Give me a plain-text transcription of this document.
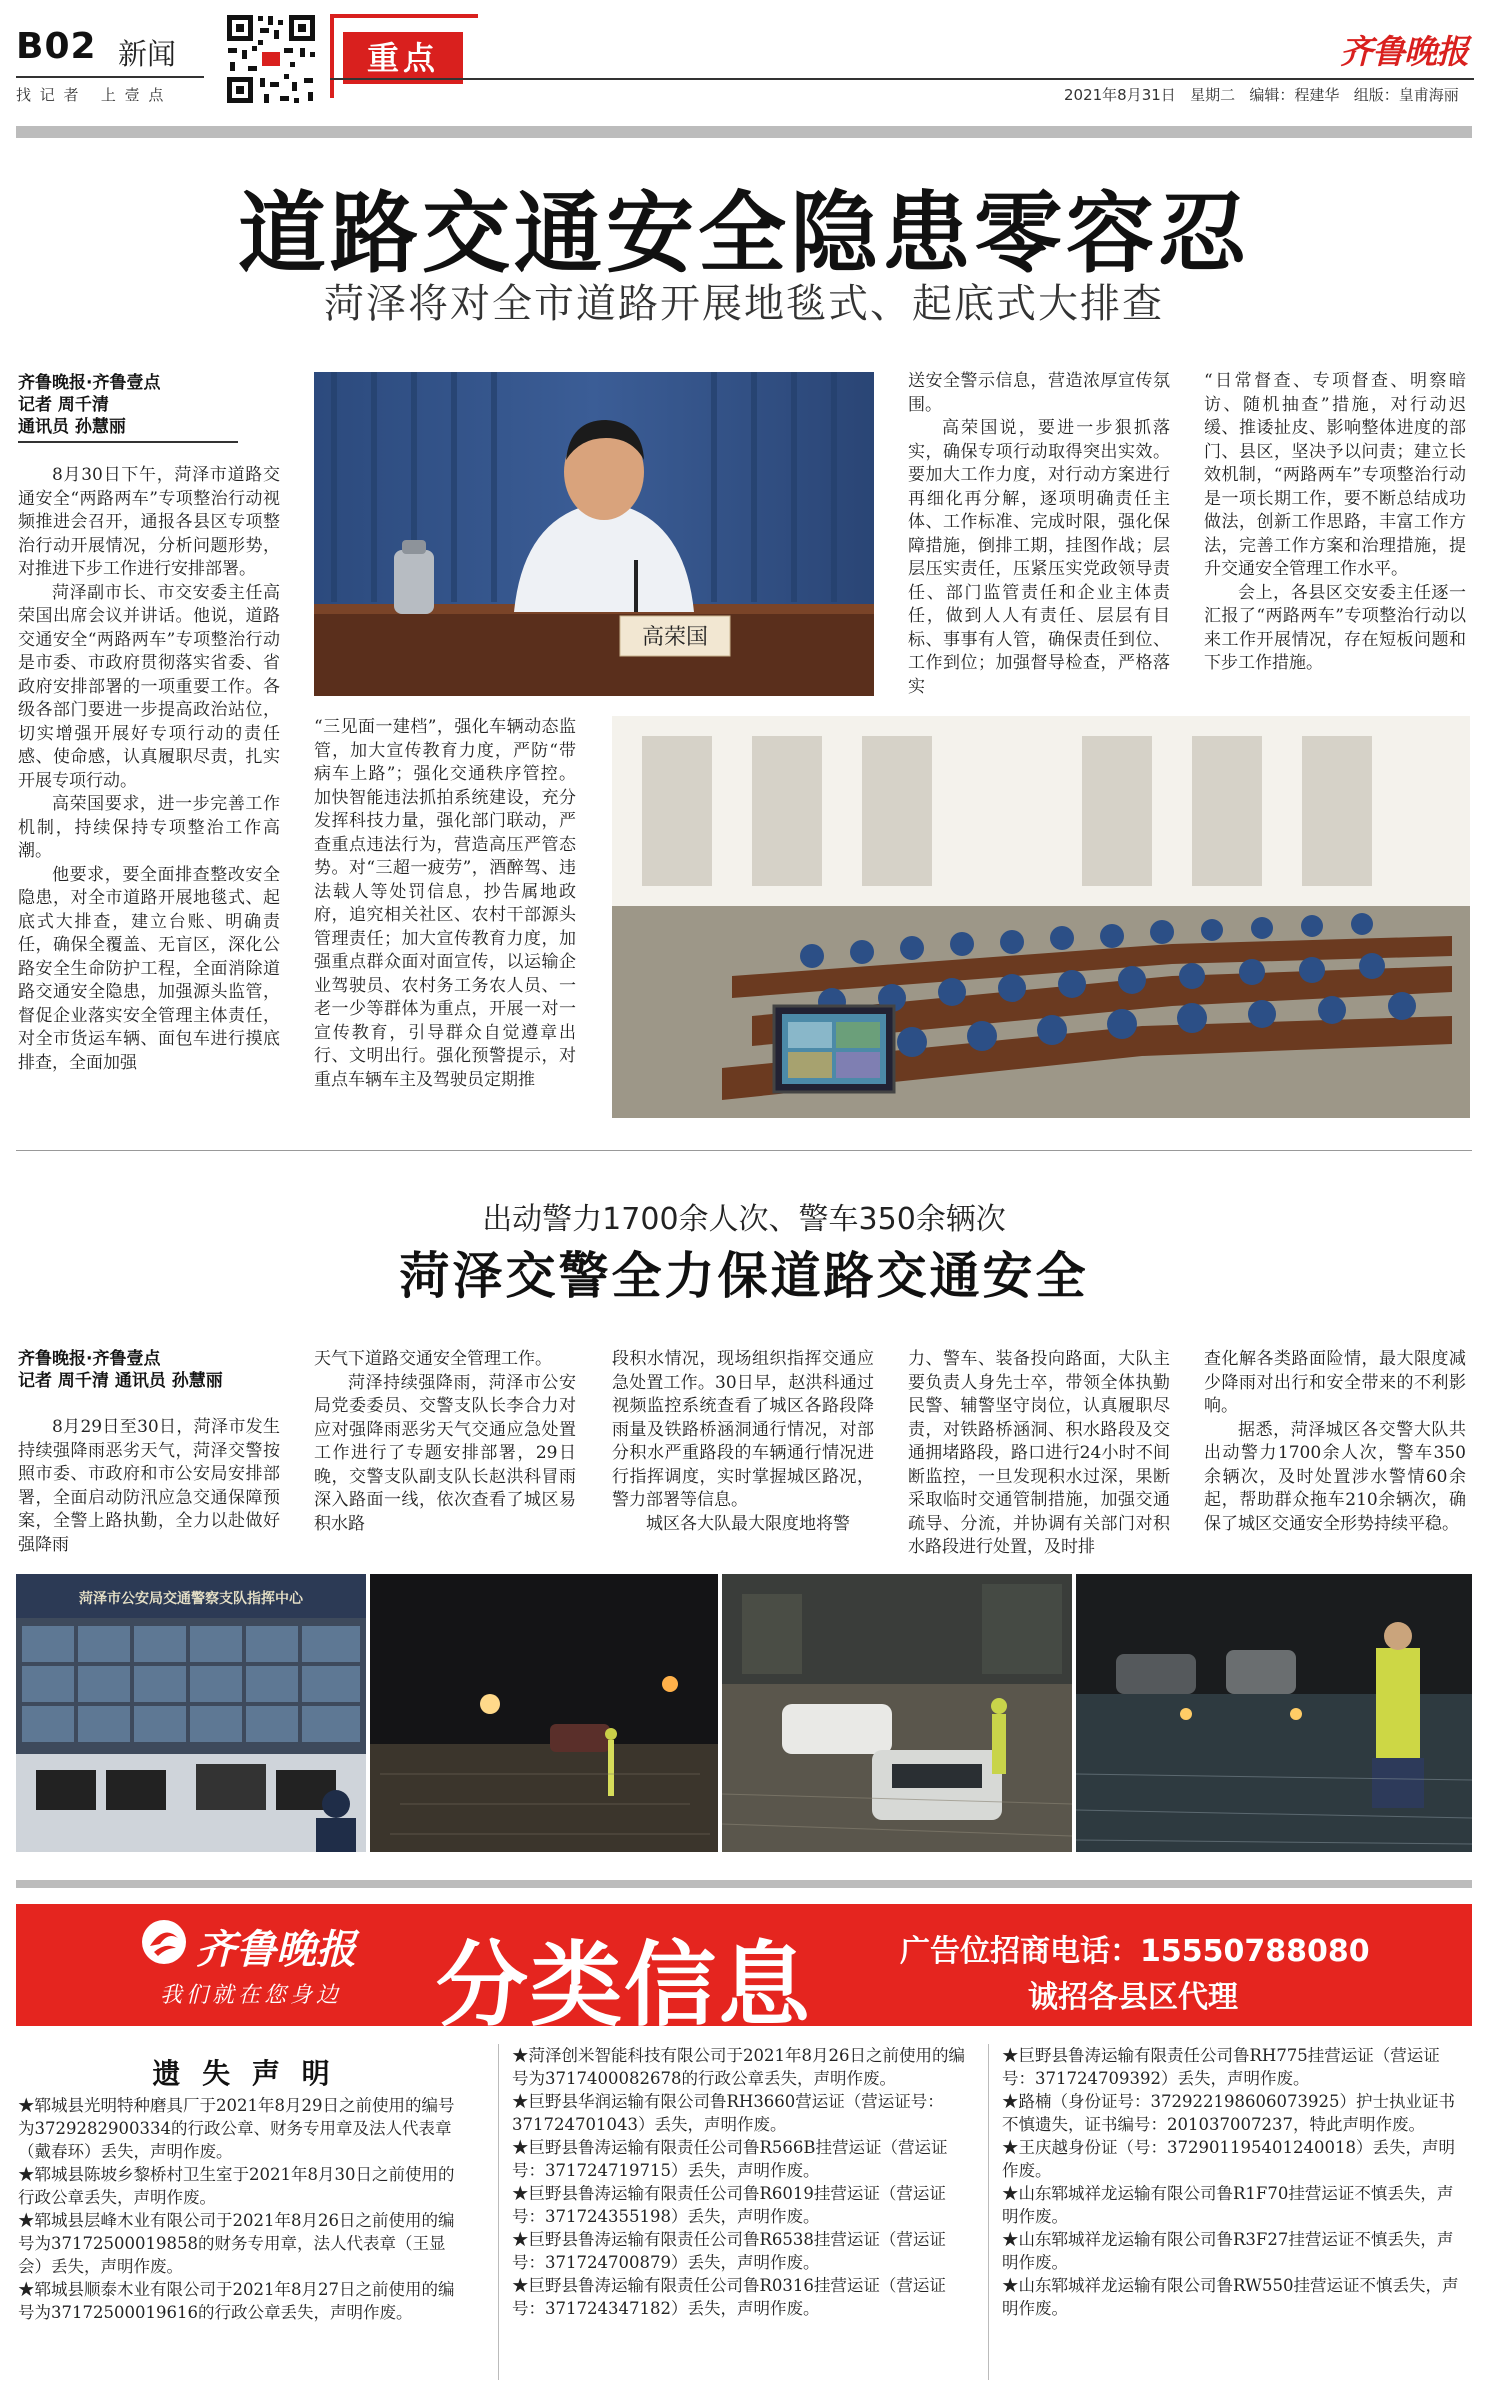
B02 新闻
找 记 者   上 壹 点
重点	齐鲁晚报
2021年8月31日   星期二   编辑：程建华   组版：皇甫海丽
道路交通安全隐患零容忍
菏泽将对全市道路开展地毯式、起底式大排查
齐鲁晚报·齐鲁壹点
记者 周千清
通讯员 孙慧丽

8月30日下午，菏泽市道路交通安全“两路两车”专项整治行动视频推进会召开，通报各县区专项整治行动开展情况，分析问题形势，对推进下步工作进行安排部署。

菏泽副市长、市交安委主任高荣国出席会议并讲话。他说，道路交通安全“两路两车”专项整治行动是市委、市政府贯彻落实省委、省政府安排部署的一项重要工作。各级各部门要进一步提高政治站位，切实增强开展好专项行动的责任感、使命感，认真履职尽责，扎实开展专项行动。

高荣国要求，进一步完善工作机制，持续保持专项整治工作高潮。

他要求，要全面排查整改安全隐患，对全市道路开展地毯式、起底式大排查，建立台账、明确责任，确保全覆盖、无盲区，深化公路安全生命防护工程，全面消除道路交通安全隐患，加强源头监管，督促企业落实安全管理主体责任，对全市货运车辆、面包车进行摸底排查，全面加强

高荣国

“三见面一建档”，强化车辆动态监管，加大宣传教育力度，严防“带病车上路”；强化交通秩序管控。加快智能违法抓拍系统建设，充分发挥科技力量，强化部门联动，严查重点违法行为，营造高压严管态势。对“三超一疲劳”，酒醉驾、违法载人等处罚信息，抄告属地政府，追究相关社区、农村干部源头管理责任；加大宣传教育力度，加强重点群众面对面宣传，以运输企业驾驶员、农村务工务农人员、一老一少等群体为重点，开展一对一宣传教育，引导群众自觉遵章出行、文明出行。强化预警提示，对重点车辆车主及驾驶员定期推

送安全警示信息，营造浓厚宣传氛围。

高荣国说，要进一步狠抓落实，确保专项行动取得突出实效。要加大工作力度，对行动方案进行再细化再分解，逐项明确责任主体、工作标准、完成时限，强化保障措施，倒排工期，挂图作战；层层压实责任，压紧压实党政领导责任、部门监管责任和企业主体责任，做到人人有责任、层层有目标、事事有人管，确保责任到位、工作到位；加强督导检查，严格落实

“日常督查、专项督查、明察暗访、随机抽查”措施，对行动迟缓、推诿扯皮、影响整体进度的部门、县区，坚决予以问责；建立长效机制，“两路两车”专项整治行动是一项长期工作，要不断总结成功做法，创新工作思路，丰富工作方法，完善工作方案和治理措施，提升交通安全管理工作水平。

会上，各县区交安委主任逐一汇报了“两路两车”专项整治行动以来工作开展情况，存在短板问题和下步工作措施。

出动警力1700余人次、警车350余辆次
菏泽交警全力保道路交通安全
齐鲁晚报·齐鲁壹点
记者 周千清 通讯员 孙慧丽

8月29日至30日，菏泽市发生持续强降雨恶劣天气，菏泽交警按照市委、市政府和市公安局安排部署，全面启动防汛应急交通保障预案，全警上路执勤，全力以赴做好强降雨

天气下道路交通安全管理工作。

菏泽持续强降雨，菏泽市公安局党委委员、交警支队长李合力对应对强降雨恶劣天气交通应急处置工作进行了专题安排部署，29日晚，交警支队副支队长赵洪科冒雨深入路面一线，依次查看了城区易积水路

段积水情况，现场组织指挥交通应急处置工作。30日早，赵洪科通过视频监控系统查看了城区各路段降雨量及铁路桥涵洞通行情况，对部分积水严重路段的车辆通行情况进行指挥调度，实时掌握城区路况，警力部署等信息。

城区各大队最大限度地将警

力、警车、装备投向路面，大队主要负责人身先士卒，带领全体执勤民警、辅警坚守岗位，认真履职尽责，对铁路桥涵洞、积水路段及交通拥堵路段，路口进行24小时不间断监控，一旦发现积水过深，果断采取临时交通管制措施，加强交通疏导、分流，并协调有关部门对积水路段进行处置，及时排

查化解各类路面险情，最大限度减少降雨对出行和安全带来的不利影响。

据悉，菏泽城区各交警大队共出动警力1700余人次，警车350余辆次，及时处置涉水警情60余起，帮助群众拖车210余辆次，确保了城区交通安全形势持续平稳。

菏泽市公安局交通警察支队指挥中心
齐鲁晚报
我们就在您身边 分类信息	广告位招商电话：15550788080
诚招各县区代理
遗 失 声 明
★郓城县光明特种磨具厂于2021年8月29日之前使用的编号为3729282900334的行政公章、财务专用章及法人代表章（戴春环）丢失，声明作废。
★郓城县陈坡乡黎桥村卫生室于2021年8月30日之前使用的行政公章丢失，声明作废。
★郓城县层峰木业有限公司于2021年8月26日之前使用的编号为37172500019858的财务专用章，法人代表章（王显会）丢失，声明作废。
★郓城县顺泰木业有限公司于2021年8月27日之前使用的编号为37172500019616的行政公章丢失，声明作废。
★菏泽创米智能科技有限公司于2021年8月26日之前使用的编号为3717400082678的行政公章丢失，声明作废。
★巨野县华润运输有限公司鲁RH3660营运证（营运证号：371724701043）丢失，声明作废。
★巨野县鲁涛运输有限责任公司鲁R566B挂营运证（营运证号：371724719715）丢失，声明作废。
★巨野县鲁涛运输有限责任公司鲁R6019挂营运证（营运证号：371724355198）丢失，声明作废。
★巨野县鲁涛运输有限责任公司鲁R6538挂营运证（营运证号：371724700879）丢失，声明作废。
★巨野县鲁涛运输有限责任公司鲁R0316挂营运证（营运证号：371724347182）丢失，声明作废。
★巨野县鲁涛运输有限责任公司鲁RH775挂营运证（营运证号：371724709392）丢失，声明作废。
★路楠（身份证号：372922198606073925）护士执业证书不慎遗失，证书编号：201037007237，特此声明作废。
★王庆越身份证（号：372901195401240018）丢失，声明作废。
★山东郓城祥龙运输有限公司鲁R1F70挂营运证不慎丢失，声明作废。
★山东郓城祥龙运输有限公司鲁R3F27挂营运证不慎丢失，声明作废。
★山东郓城祥龙运输有限公司鲁RW550挂营运证不慎丢失，声明作废。
